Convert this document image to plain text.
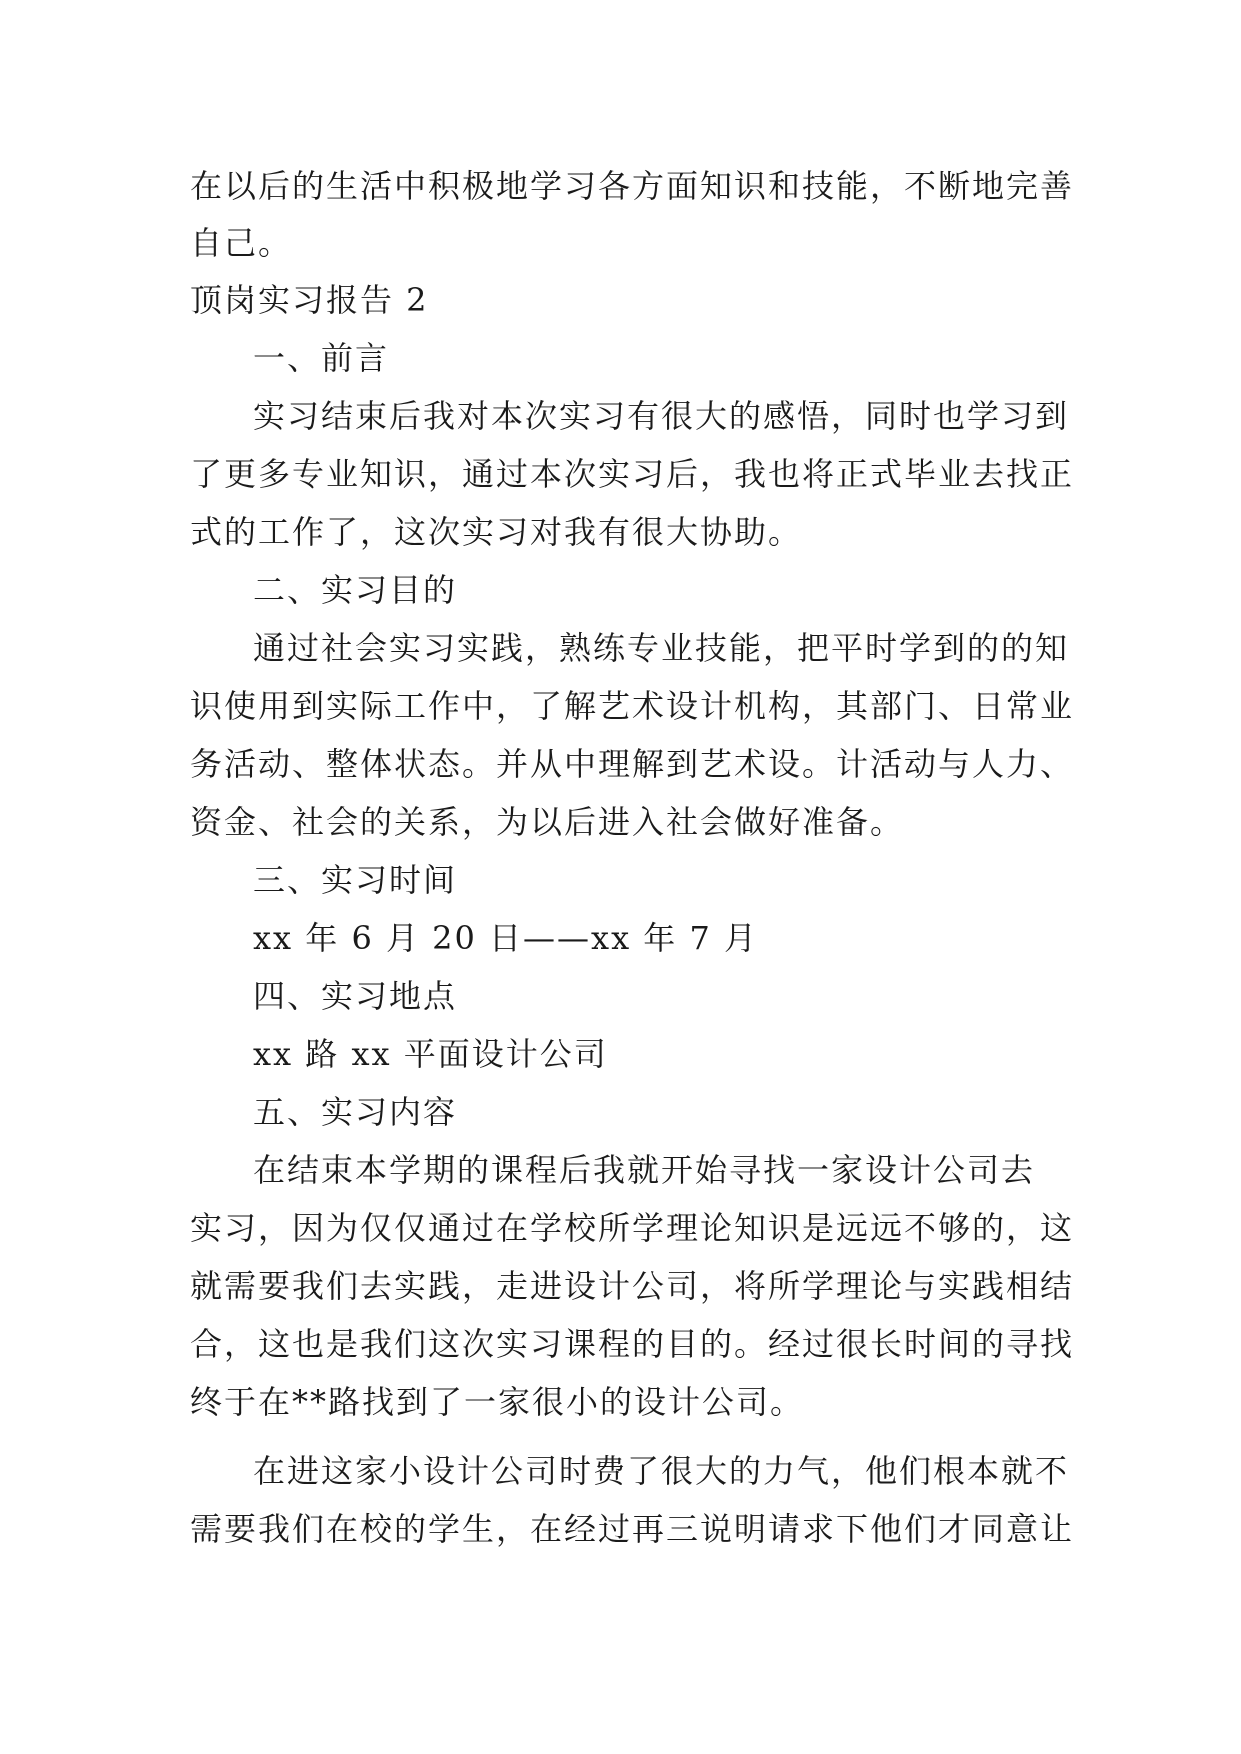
在以后的生活中积极地学习各方面知识和技能，不断地完善
自己。
顶岗实习报告 2
一、前言
实习结束后我对本次实习有很大的感悟，同时也学习到
了更多专业知识，通过本次实习后，我也将正式毕业去找正
式的工作了，这次实习对我有很大协助。
二、实习目的
通过社会实习实践，熟练专业技能，把平时学到的的知
识使用到实际工作中，了解艺术设计机构，其部门、日常业
务活动、整体状态。并从中理解到艺术设。计活动与人力、
资金、社会的关系，为以后进入社会做好准备。
三、实习时间
xx 年 6 月 20 日——xx 年 7 月
四、实习地点
xx 路 xx 平面设计公司
五、实习内容
在结束本学期的课程后我就开始寻找一家设计公司去
实习，因为仅仅通过在学校所学理论知识是远远不够的，这
就需要我们去实践，走进设计公司，将所学理论与实践相结
合，这也是我们这次实习课程的目的。经过很长时间的寻找
终于在**路找到了一家很小的设计公司。
在进这家小设计公司时费了很大的力气，他们根本就不
需要我们在校的学生，在经过再三说明请求下他们才同意让
